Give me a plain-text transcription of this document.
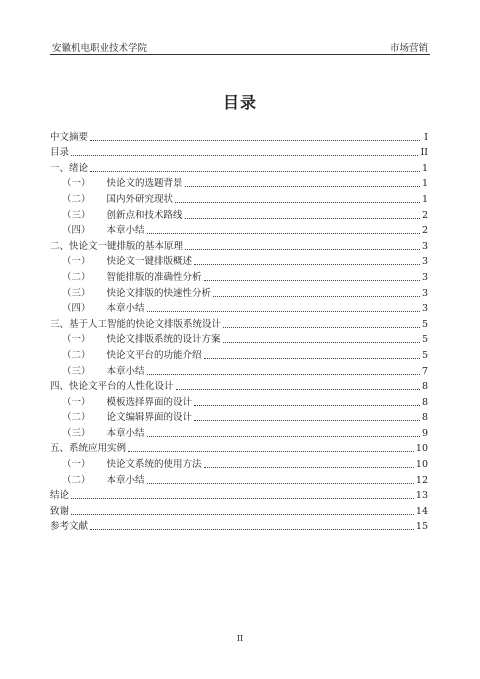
安徽机电职业技术学院	市场营销
目录
中文摘要	I
目录	II
一、 绪论	1
（一） 快论文的选题背景	1
（二） 国内外研究现状	1
（三） 创新点和技术路线	2
（四） 本章小结	2
二、 快论文一键排版的基本原理	3
（一） 快论文一键排版概述	3
（二） 智能排版的准确性分析	3
（三） 快论文排版的快速性分析	3
（四） 本章小结	3
三、 基于人工智能的快论文排版系统设计	5
（一） 快论文排版系统的设计方案	5
（二） 快论文平台的功能介绍	5
（三） 本章小结	7
四、 快论文平台的人性化设计	8
（一） 模板选择界面的设计	8
（二） 论文编辑界面的设计	8
（三） 本章小结	9
五、 系统应用实例	10
（一） 快论文系统的使用方法	10
（二） 本章小结	12
结论	13
致谢	14
参考文献	15
II
